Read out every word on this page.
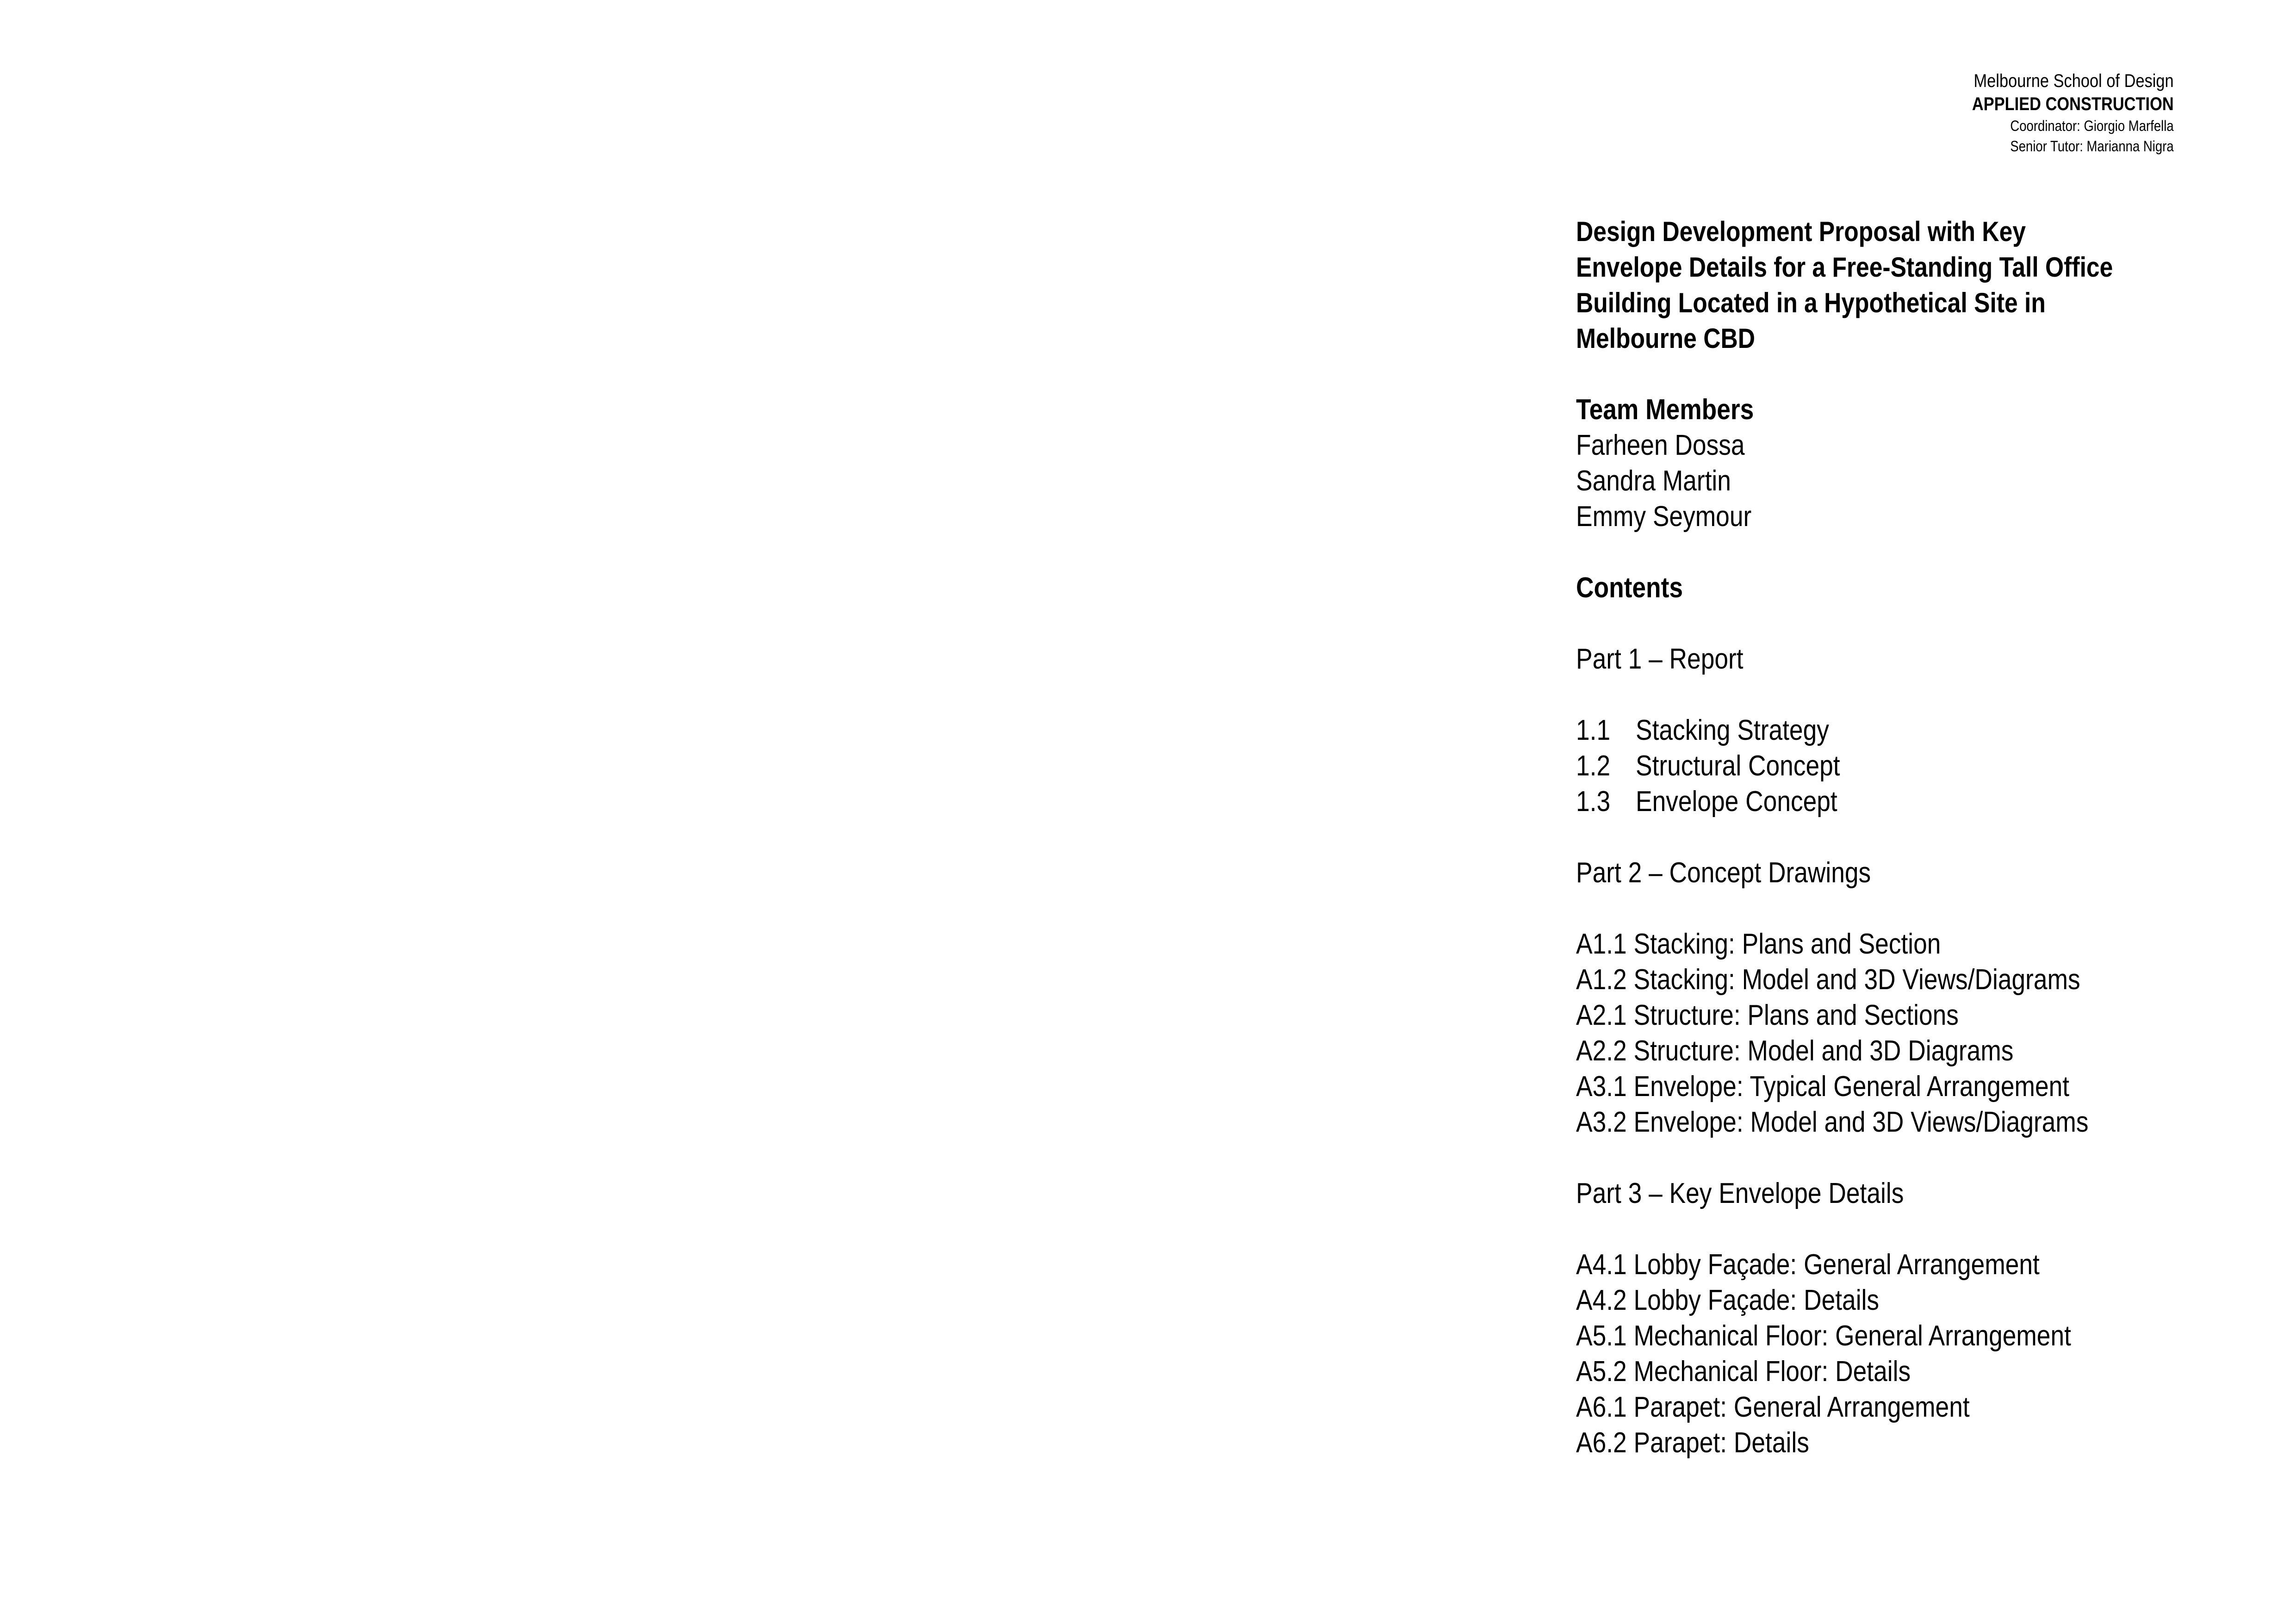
Melbourne School of Design
APPLIED CONSTRUCTION
Coordinator: Giorgio Marfella
Senior Tutor: Marianna Nigra
Design Development Proposal with Key
Envelope Details for a Free-Standing Tall Office
Building Located in a Hypothetical Site in
Melbourne CBD
Team Members
Farheen Dossa
Sandra Martin
Emmy Seymour
Contents
Part 1 – Report
1.1 Stacking Strategy
1.2 Structural Concept
1.3 Envelope Concept
Part 2 – Concept Drawings
A1.1 Stacking: Plans and Section
A1.2 Stacking: Model and 3D Views/Diagrams
A2.1 Structure: Plans and Sections
A2.2 Structure: Model and 3D Diagrams
A3.1 Envelope: Typical General Arrangement
A3.2 Envelope: Model and 3D Views/Diagrams
Part 3 – Key Envelope Details
A4.1 Lobby Façade: General Arrangement
A4.2 Lobby Façade: Details
A5.1 Mechanical Floor: General Arrangement
A5.2 Mechanical Floor: Details
A6.1 Parapet: General Arrangement
A6.2 Parapet: Details
